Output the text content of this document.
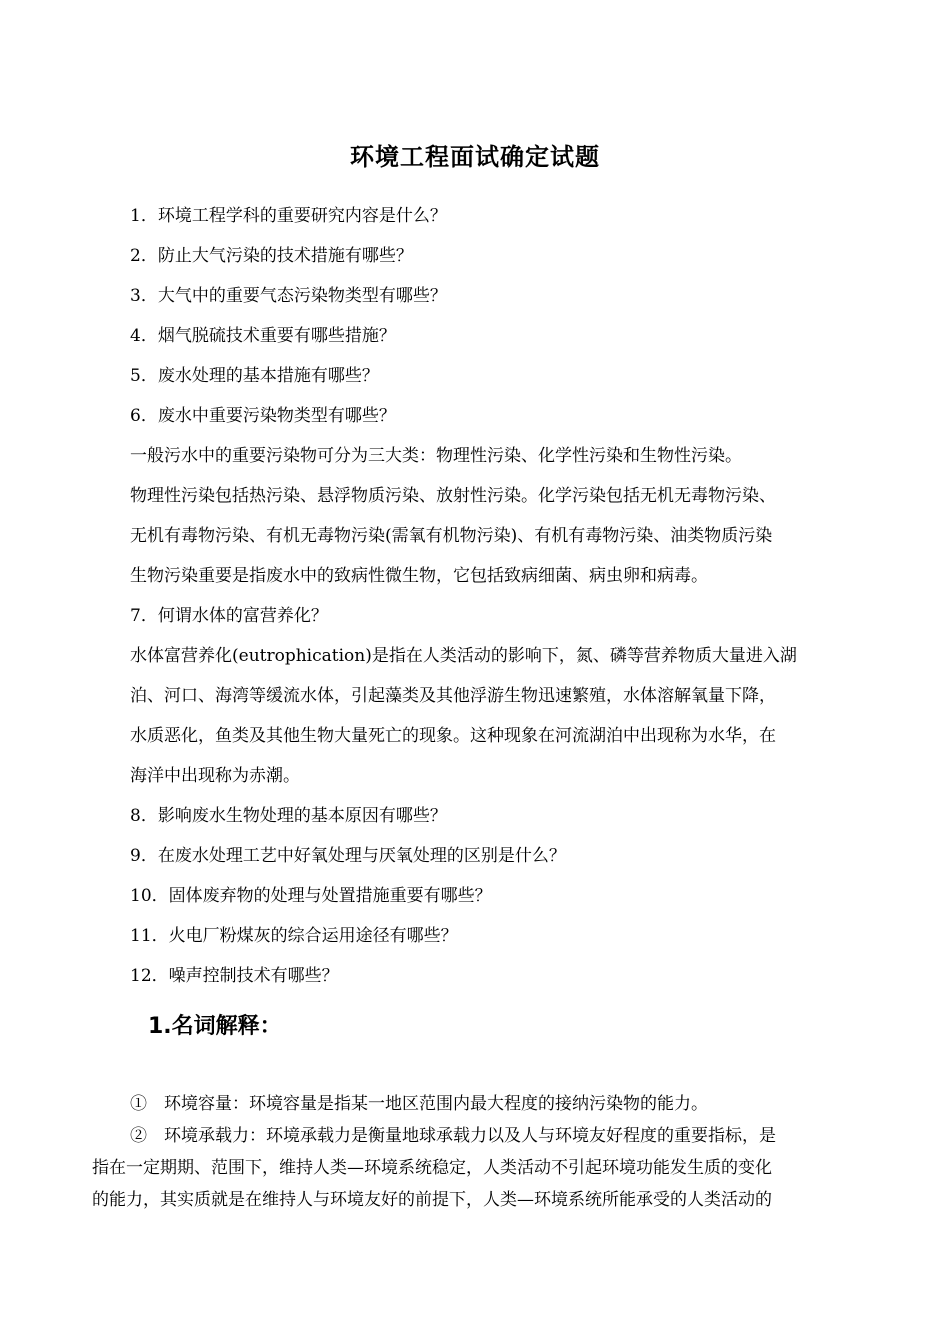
环境工程面试确定试题
1．环境工程学科的重要研究内容是什么？
2．防止大气污染的技术措施有哪些？
3．大气中的重要气态污染物类型有哪些？
4．烟气脱硫技术重要有哪些措施？
5．废水处理的基本措施有哪些？
6．废水中重要污染物类型有哪些？
一般污水中的重要污染物可分为三大类：物理性污染、化学性污染和生物性污染。
物理性污染包括热污染、悬浮物质污染、放射性污染。化学污染包括无机无毒物污染、
无机有毒物污染、有机无毒物污染(需氧有机物污染)、有机有毒物污染、油类物质污染
生物污染重要是指废水中的致病性微生物，它包括致病细菌、病虫卵和病毒。
7．何谓水体的富营养化？
水体富营养化(eutrophication)是指在人类活动的影响下，氮、磷等营养物质大量进入湖
泊、河口、海湾等缓流水体，引起藻类及其他浮游生物迅速繁殖，水体溶解氧量下降，
水质恶化，鱼类及其他生物大量死亡的现象。这种现象在河流湖泊中出现称为水华，在
海洋中出现称为赤潮。
8．影响废水生物处理的基本原因有哪些？
9．在废水处理工艺中好氧处理与厌氧处理的区别是什么？
10．固体废弃物的处理与处置措施重要有哪些？
11．火电厂粉煤灰的综合运用途径有哪些？
12．噪声控制技术有哪些？
1.名词解释：
①　环境容量：环境容量是指某一地区范围内最大程度的接纳污染物的能力。
②　环境承载力：环境承载力是衡量地球承载力以及人与环境友好程度的重要指标，是
指在一定期期、范围下，维持人类—环境系统稳定，人类活动不引起环境功能发生质的变化
的能力，其实质就是在维持人与环境友好的前提下，人类—环境系统所能承受的人类活动的
